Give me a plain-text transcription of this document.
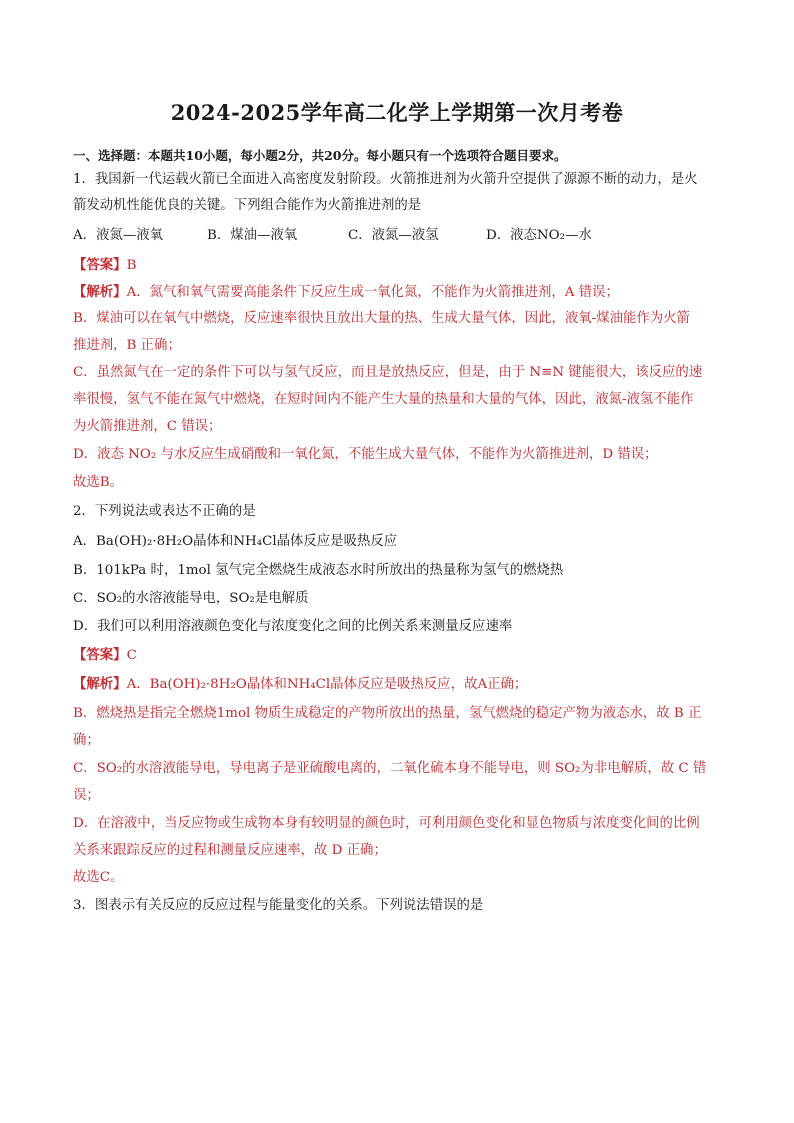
2024-2025学年高二化学上学期第一次月考卷
一、选择题：本题共10小题，每小题2分，共20分。每小题只有一个选项符合题目要求。
1．我国新一代运载火箭已全面进入高密度发射阶段。火箭推进剂为火箭升空提供了源源不断的动力，是火
箭发动机性能优良的关键。下列组合能作为火箭推进剂的是
A．液氮—液氧	B．煤油—液氧	C．液氮—液氢	D．液态NO₂—水
【答案】B
【解析】A．氮气和氧气需要高能条件下反应生成一氧化氮，不能作为火箭推进剂，A 错误；
B．煤油可以在氧气中燃烧，反应速率很快且放出大量的热、生成大量气体，因此，液氧-煤油能作为火箭
推进剂，B 正确；
C．虽然氮气在一定的条件下可以与氢气反应，而且是放热反应，但是，由于 N≡N 键能很大，该反应的速
率很慢，氢气不能在氮气中燃烧，在短时间内不能产生大量的热量和大量的气体，因此，液氮-液氢不能作
为火箭推进剂，C 错误；
D．液态 NO₂ 与水反应生成硝酸和一氧化氮，不能生成大量气体，不能作为火箭推进剂，D 错误；
故选B。
2．下列说法或表达不正确的是
A．Ba(OH)₂·8H₂O晶体和NH₄Cl晶体反应是吸热反应
B．101kPa 时，1mol 氢气完全燃烧生成液态水时所放出的热量称为氢气的燃烧热
C．SO₂的水溶液能导电，SO₂是电解质
D．我们可以利用溶液颜色变化与浓度变化之间的比例关系来测量反应速率
【答案】C
【解析】A．Ba(OH)₂·8H₂O晶体和NH₄Cl晶体反应是吸热反应，故A正确；
B．燃烧热是指完全燃烧1mol 物质生成稳定的产物所放出的热量，氢气燃烧的稳定产物为液态水，故 B 正
确；
C．SO₂的水溶液能导电，导电离子是亚硫酸电离的，二氧化硫本身不能导电，则 SO₂为非电解质，故 C 错
误；
D．在溶液中，当反应物或生成物本身有较明显的颜色时，可利用颜色变化和显色物质与浓度变化间的比例
关系来跟踪反应的过程和测量反应速率，故 D 正确；
故选C。
3．图表示有关反应的反应过程与能量变化的关系。下列说法错误的是
